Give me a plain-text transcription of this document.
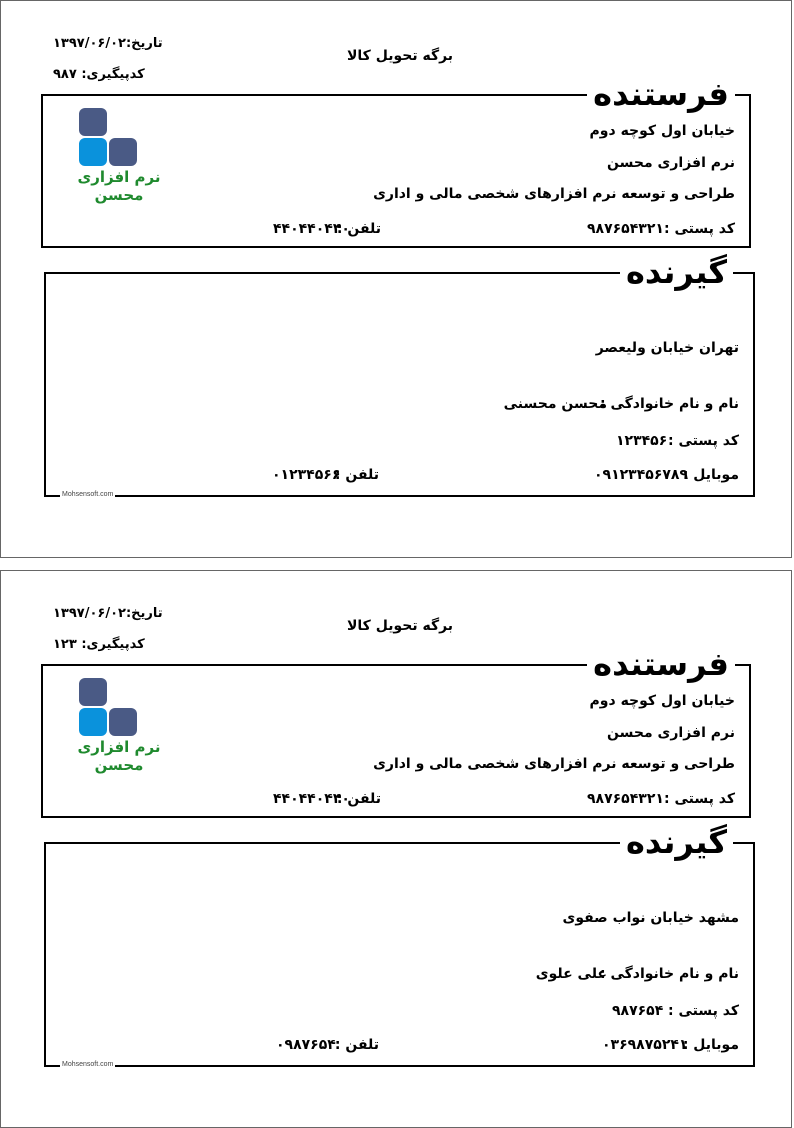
تاریخ:۱۳۹۷/۰۶/۰۲
کدپیگیری: ۹۸۷
برگه تحویل کالا
فرستنده
نرم افزاری محسن
خیابان اول کوچه دوم
نرم افزاری محسن
طراحی و توسعه نرم افزارهای شخصی مالی و اداری
کد پستی :
۹۸۷۶۵۴۳۲۱
تلفن :
۴۴۰۴۴۰۴۴۰
گیرنده
تهران خیابان ولیعصر
نام و نام خانوادگی :
محسن محسنی
کد پستی :
۱۲۳۴۵۶
موبایل :
۰۹۱۲۳۴۵۶۷۸۹
تلفن :
۰۱۲۳۴۵۶۶
Mohsensoft.com
تاریخ:۱۳۹۷/۰۶/۰۲
کدپیگیری: ۱۲۳
برگه تحویل کالا
فرستنده
نرم افزاری محسن
خیابان اول کوچه دوم
نرم افزاری محسن
طراحی و توسعه نرم افزارهای شخصی مالی و اداری
کد پستی :
۹۸۷۶۵۴۳۲۱
تلفن :
۴۴۰۴۴۰۴۴۰
گیرنده
مشهد خیابان نواب صفوی
نام و نام خانوادگی :
علی علوی
کد پستی :
۹۸۷۶۵۴
موبایل :
۰۳۶۹۸۷۵۲۴۱
تلفن :
۰۹۸۷۶۵۴
Mohsensoft.com
